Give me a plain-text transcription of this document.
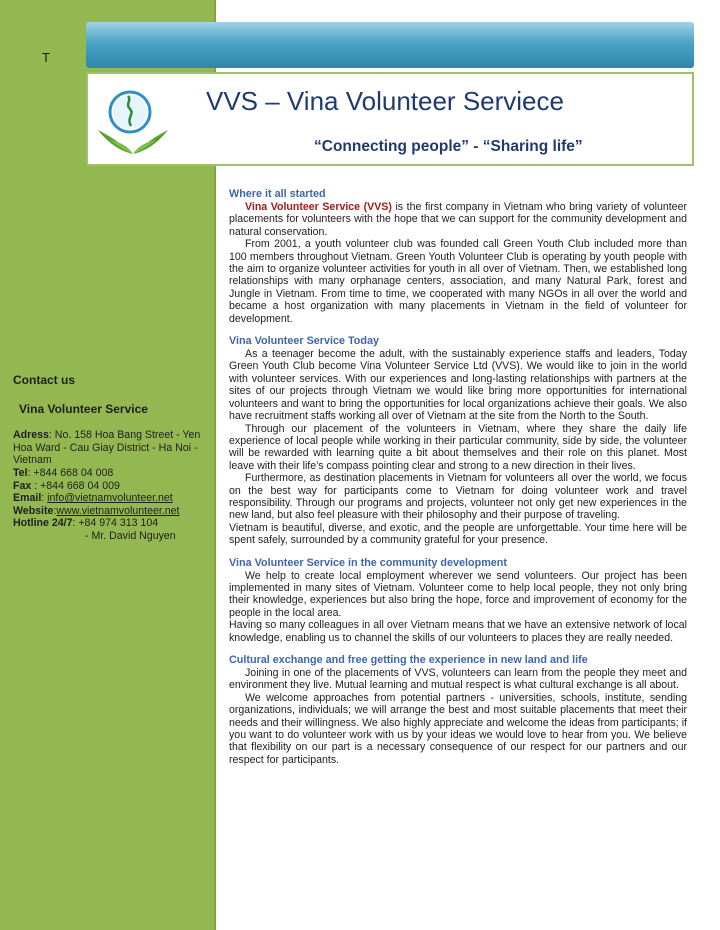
T
Contact us
Vina Volunteer Service
Adress: No. 158 Hoa Bang Street - Yen Hoa Ward - Cau Giay District - Ha Noi - Vietnam
Tel: +844 668 04 008
Fax : +844 668 04 009
Email: info@vietnamvolunteer.net
Website:www.vietnamvolunteer.net
Hotline 24/7: +84 974 313 104
- Mr. David Nguyen
VVS – Vina Volunteer Serviece
“Connecting people” - “Sharing life”
Where it all started

Vina Volunteer Service (VVS) is the first company in Vietnam who bring variety of volunteer placements for volunteers with the hope that we can support for the community development and natural conservation.

From 2001, a youth volunteer club was founded call Green Youth Club included more than 100 members throughout Vietnam. Green Youth Volunteer Club is operating by youth people with the aim to organize volunteer activities for youth in all over of Vietnam. Then, we established long relationships with many orphanage centers, association, and many Natural Park, forest and Jungle in Vietnam. From time to time, we cooperated with many NGOs in all over the world and became a host organization with many placements in Vietnam in the field of volunteer for development.

Vina Volunteer Service Today

As a teenager become the adult, with the sustainably experience staffs and leaders, Today Green Youth Club become Vina Volunteer Service Ltd (VVS). We would like to join in the world with volunteer services. With our experiences and long-lasting relationships with partners at the sites of our projects through Vietnam we would like bring more opportunities for international volunteers and want to bring the opportunities for local organizations achieve their goals. We also have recruitment staffs working all over of Vietnam at the site from the North to the South.

Through our placement of the volunteers in Vietnam, where they share the daily life experience of local people while working in their particular community, side by side, the volunteer will be rewarded with learning quite a bit about themselves and their role on this planet. Most leave with their life’s compass pointing clear and strong to a new direction in their lives.

Furthermore, as destination placements in Vietnam for volunteers all over the world, we focus on the best way for participants come to Vietnam for doing volunteer work and travel responsibility. Through our programs and projects, volunteer not only get new experiences in the new land, but also feel pleasure with their philosophy and their purpose of traveling.

Vietnam is beautiful, diverse, and exotic, and the people are unforgettable. Your time here will be spent safely, surrounded by a community grateful for your presence.

Vina Volunteer Service in the community development

We help to create local employment wherever we send volunteers. Our project has been implemented in many sites of Vietnam. Volunteer come to help local people, they not only bring their knowledge, experiences but also bring the hope, force and improvement of economy for the people in the local area.

Having so many colleagues in all over Vietnam means that we have an extensive network of local knowledge, enabling us to channel the skills of our volunteers to places they are really needed.

Cultural exchange and free getting the experience in new land and life

Joining in one of the placements of VVS, volunteers can learn from the people they meet and environment they live. Mutual learning and mutual respect is what cultural exchange is all about.

We welcome approaches from potential partners - universities, schools, institute, sending organizations, individuals; we will arrange the best and most suitable placements that meet their needs and their willingness. We also highly appreciate and welcome the ideas from participants; if you want to do volunteer work with us by your ideas we would love to hear from you. We believe that flexibility on our part is a necessary consequence of our respect for our partners and our respect for participants.
